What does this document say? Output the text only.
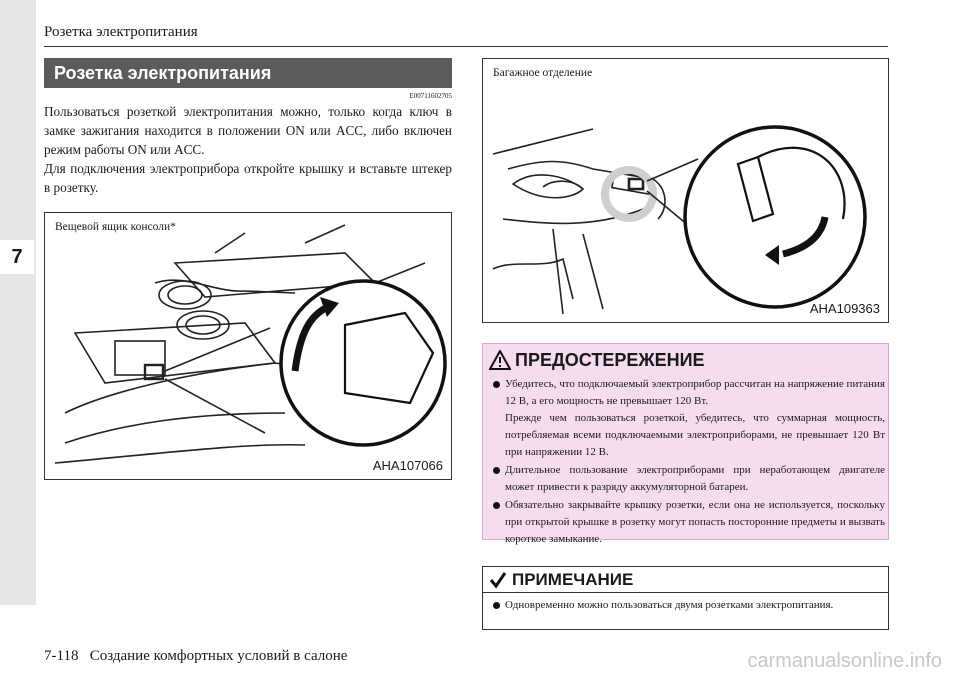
7
Розетка электропитания
Розетка электропитания
E00711602705

Пользоваться розеткой электропитания можно, только когда ключ в замке зажигания находится в положении ON или ACC, либо включен режим работы ON или ACC.

Для подключения электроприбора откройте крышку и вставьте штекер в розетку.

Вещевой ящик консоли*
AHA107066
Багажное отделение
AHA109363
ПРЕДОСТЕРЕЖЕНИЕ

Убедитесь, что подключаемый электроприбор рассчитан на напряжение питания 12 В, а его мощность не превышает 120 Вт.

Прежде чем пользоваться розеткой, убедитесь, что суммарная мощность, потребляемая всеми подключаемыми электроприборами, не превышает 120 Вт при напряжении 12 В.

Длительное пользование электроприборами при неработающем двигателе может привести к разряду аккумуляторной батареи.

Обязательно закрывайте крышку розетки, если она не используется, поскольку при открытой крышке в розетку могут попасть посторонние предметы и вызвать короткое замыкание.

ПРИМЕЧАНИЕ

Одновременно можно пользоваться двумя розетками электропитания.

7-118 Создание комфортных условий в салоне	carmanualsonline.info
